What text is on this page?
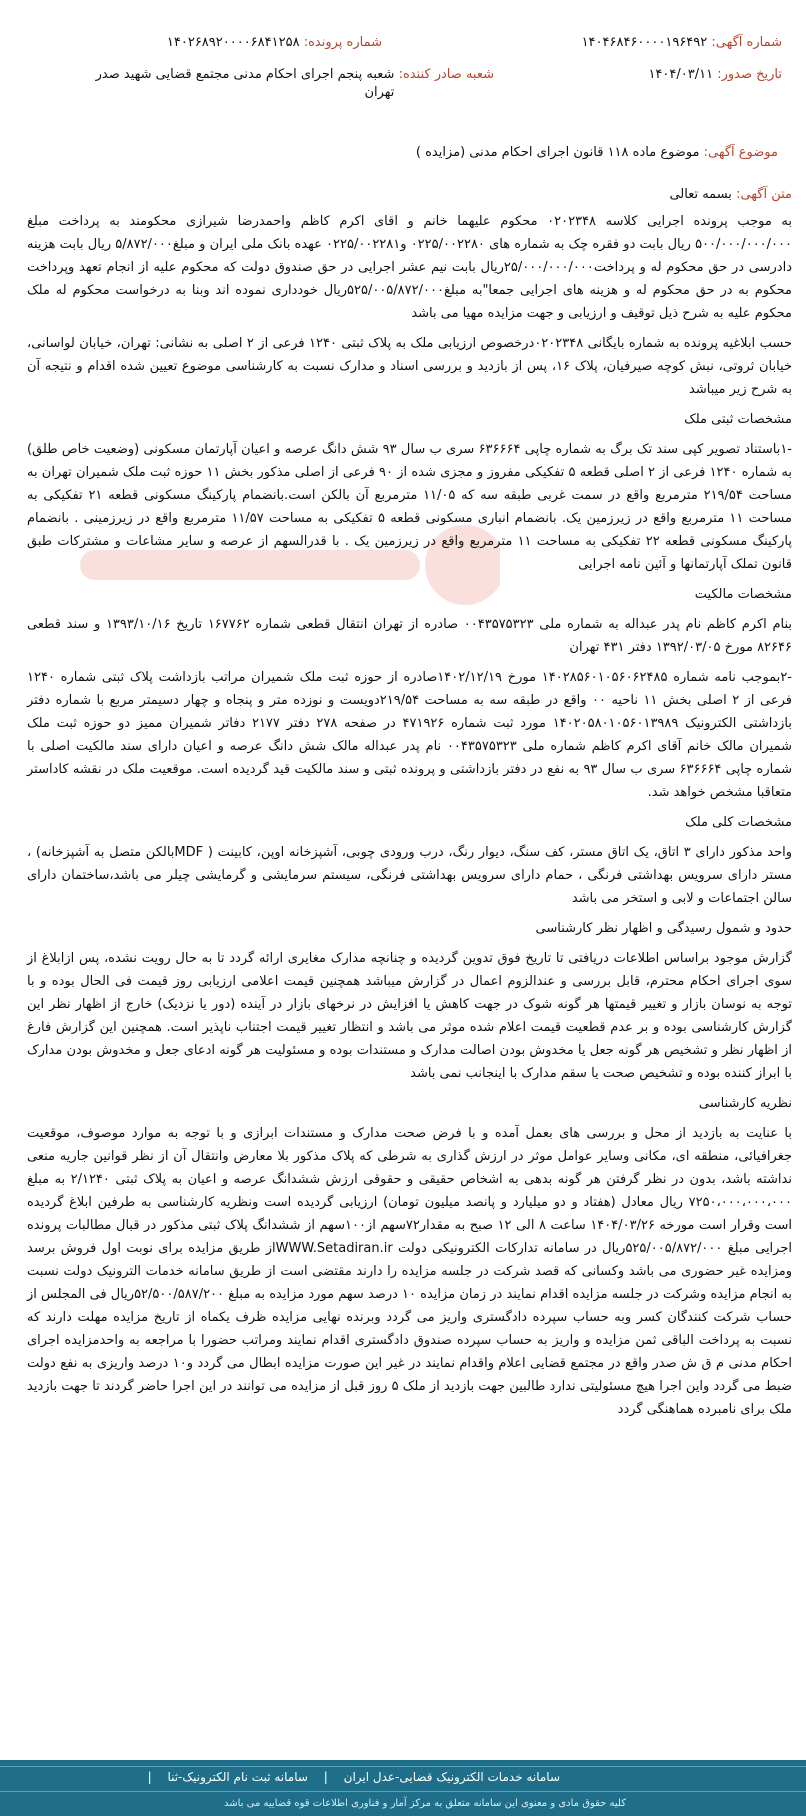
شماره آگهی: ۱۴۰۴۶۸۴۶۰۰۰۰۱۹۶۴۹۲
شماره پرونده: ۱۴۰۲۶۸۹۲۰۰۰۰۶۸۴۱۲۵۸
تاریخ صدور: ۱۴۰۴/۰۳/۱۱
شعبه صادر کننده: شعبه پنجم اجرای احکام مدنی مجتمع قضایی شهید صدر تهران
موضوع آگهی: موضوع ماده ۱۱۸ قانون اجرای احکام مدنی (مزایده )

متن آگهی: بسمه تعالی

به موجب پرونده اجرایی کلاسه ۰۲۰۲۳۴۸ محکوم علیهما خانم و اقای اکرم کاظم واحمدرضا شیرازی محکومند به پرداخت مبلغ ۵۰۰/۰۰۰/۰۰۰/۰۰۰ ریال بابت دو فقره چک به شماره های ۰۲۲۵/۰۰۲۲۸۰ و۰۲۲۵/۰۰۲۲۸۱ عهده بانک ملی ایران و مبلغ۵/۸۷۲/۰۰۰ ریال بابت هزینه دادرسی در حق محکوم له و پرداخت۲۵/۰۰۰/۰۰۰/۰۰۰ریال بابت نیم عشر اجرایی در حق صندوق دولت که محکوم علیه از انجام تعهد وپرداخت محکوم به در حق محکوم له و هزینه های اجرایی جمعا"به مبلغ۵۲۵/۰۰۵/۸۷۲/۰۰۰ریال خودداری نموده اند وبنا به درخواست محکوم له ملک محکوم علیه به شرح ذیل توقیف و ارزیابی و جهت مزایده مهیا می باشد

حسب ابلاغیه پرونده به شماره بایگانی ۰۲۰۲۳۴۸درخصوص ارزیابی ملک به پلاک ثبتی ۱۲۴۰ فرعی از ۲ اصلی به نشانی: تهران، خیابان لواسانی، خیابان ثروتی، نبش کوچه صیرفیان، پلاک ۱۶، پس از بازدید و بررسی اسناد و مدارک نسبت به کارشناسی موضوع تعیین شده اقدام و نتیجه آن به شرح زیر میباشد

مشخصات ثبتی ملک

-۱باستناد تصویر کپی سند تک برگ به شماره چاپی ۶۳۶۶۶۴ سری ب سال ۹۳ شش دانگ عرصه و اعیان آپارتمان مسکونی (وضعیت خاص طلق) به شماره ۱۲۴۰ فرعی از ۲ اصلی قطعه ۵ تفکیکی مفروز و مجزی شده از ۹۰ فرعی از اصلی مذکور بخش ۱۱ حوزه ثبت ملک شمیران تهران به مساحت ۲۱۹/۵۴ مترمربع واقع در سمت غربی طبقه سه که ۱۱/۰۵ مترمربع آن بالکن است.بانضمام پارکینگ مسکونی قطعه ۲۱ تفکیکی به مساحت ۱۱ مترمربع واقع در زیرزمین یک. بانضمام انباری مسکونی قطعه ۵ تفکیکی به مساحت ۱۱/۵۷ مترمربع واقع در زیرزمینی . بانضمام پارکینگ مسکونی قطعه ۲۲ تفکیکی به مساحت ۱۱ مترمربع واقع در زیرزمین یک . با قدرالسهم از عرصه و سایر مشاعات و مشترکات طبق قانون تملک آپارتمانها و آئین نامه اجرایی

مشخصات مالکیت

بنام اکرم کاظم نام پدر عبداله به شماره ملی ۰۰۴۳۵۷۵۳۲۳ صادره از تهران انتقال قطعی شماره ۱۶۷۷۶۲ تاریخ ۱۳۹۳/۱۰/۱۶ و سند قطعی ۸۲۶۴۶ مورخ ۱۳۹۲/۰۳/۰۵ دفتر ۴۳۱ تهران

-۲بموجب نامه شماره ۱۴۰۲۸۵۶۰۱۰۵۶۰۶۲۴۸۵ مورخ ۱۴۰۲/۱۲/۱۹صادره از حوزه ثبت ملک شمیران مراتب بازداشت پلاک ثبتی شماره ۱۲۴۰ فرعی از ۲ اصلی بخش ۱۱ ناحیه ۰۰ واقع در طبقه سه به مساحت ۲۱۹/۵۴دویست و نوزده متر و پنجاه و چهار دسیمتر مربع با شماره دفتر بازداشتی الکترونیک ۱۴۰۲۰۵۸۰۱۰۵۶۰۱۳۹۸۹ مورد ثبت شماره ۴۷۱۹۲۶ در صفحه ۲۷۸ دفتر ۲۱۷۷ دفاتر شمیران ممیز دو حوزه ثبت ملک شمیران مالک خانم آقای اکرم کاظم شماره ملی ۰۰۴۳۵۷۵۳۲۳ نام پدر عبداله مالک شش دانگ عرصه و اعیان دارای سند مالکیت اصلی با شماره چاپی ۶۳۶۶۶۴ سری ب سال ۹۳ به نفع در دفتر بازداشتی و پرونده ثبتی و سند مالکیت قید گردیده است. موقعیت ملک در نقشه کاداستر متعاقبا مشخص خواهد شد.

مشخصات کلی ملک

واحد مذکور دارای ۳ اتاق، یک اتاق مستر، کف سنگ، دیوار رنگ، درب ورودی چوبی، آشپزخانه اوپن، کابینت ( MDFبالکن متصل به آشپزخانه) ، مستر دارای سرویس بهداشتی فرنگی ، حمام دارای سرویس بهداشتی فرنگی، سیستم سرمایشی و گرمایشی چیلر می باشد،ساختمان دارای سالن اجتماعات و لابی و استخر می باشد

حدود و شمول رسیدگی و اظهار نظر کارشناسی

گزارش موجود براساس اطلاعات دریافتی تا تاریخ فوق تدوین گردیده و چنانچه مدارک مغایری ارائه گردد تا به حال رویت نشده، پس ازابلاغ از سوی اجرای احکام محترم، قابل بررسی و عندالزوم اعمال در گزارش میباشد همچنین قیمت اعلامی ارزیابی روز قیمت فی الحال بوده و با توجه به نوسان بازار و تغییر قیمتها هر گونه شوک در جهت کاهش یا افزایش در نرخهای بازار در آینده (دور یا نزدیک) خارج از اظهار نظر این گزارش کارشناسی بوده و بر عدم قطعیت قیمت اعلام شده موثر می باشد و انتظار تغییر قیمت اجتناب ناپذیر است. همچنین این گزارش فارغ از اظهار نظر و تشخیص هر گونه جعل یا مخدوش بودن اصالت مدارک و مستندات بوده و مسئولیت هر گونه ادعای جعل و مخدوش بودن مدارک با ابراز کننده بوده و تشخیص صحت یا سقم مدارک با اینجانب نمی باشد

نظریه کارشناسی

با عنایت به بازدید از محل و بررسی های بعمل آمده و با فرض صحت مدارک و مستندات ابرازی و با توجه به موارد موصوف، موقعیت جغرافیائی، منطقه ای، مکانی وسایر عوامل موثر در ارزش گذاری به شرطی که پلاک مذکور بلا معارض وانتقال آن از نظر قوانین جاریه منعی نداشته باشد، بدون در نظر گرفتن هر گونه بدهی به اشخاص حقیقی و حقوقی ارزش ششدانگ عرصه و اعیان به پلاک ثبتی ۲/۱۲۴۰ به مبلغ ۷۲۵۰،۰۰۰،۰۰۰،۰۰۰ ریال معادل (هفتاد و دو میلیارد و پانصد میلیون تومان) ارزیابی گردیده است ونظریه کارشناسی به طرفین ابلاغ گردیده است وقرار است مورخه ۱۴۰۴/۰۳/۲۶ ساعت ۸ الی ۱۲ صبح به مقدار۷۲سهم از۱۰۰سهم از ششدانگ پلاک ثبتی مذکور در قبال مطالبات پرونده اجرایی مبلغ ۵۲۵/۰۰۵/۸۷۲/۰۰۰ریال در سامانه تدارکات الکترونیکی دولت WWW.Setadiran.irاز طریق مزایده برای نوبت اول فروش برسد ومزایده غیر حضوری می باشد وکسانی که قصد شرکت در جلسه مزایده را دارند مقتضی است از طریق سامانه خدمات الترونیک دولت نسبت به انجام مزایده وشرکت در جلسه مزایده اقدام نمایند در زمان مزایده ۱۰ درصد سهم مورد مزایده به مبلغ ۵۲/۵۰۰/۵۸۷/۲۰۰ریال فی المجلس از حساب شرکت کنندگان کسر وبه حساب سپرده دادگستری واریز می گردد وبرنده نهایی مزایده ظرف یکماه از تاریخ مزایده مهلت دارند که نسبت به پرداخت الباقی ثمن مزایده و واریز به حساب سپرده صندوق دادگستری اقدام نمایند ومراتب حضورا با مراجعه به واحدمزایده اجرای احکام مدنی م ق ش صدر واقع در مجتمع قضایی اعلام واقدام نمایند در غیر این صورت مزایده ابطال می گردد و۱۰ درصد واریزی به نفع دولت ضبط می گردد واین اجرا هیچ مسئولیتی ندارد طالبین جهت بازدید از ملک ۵ روز قبل از مزایده می توانند در این اجرا حاضر گردند تا جهت بازدید ملک برای نامبرده هماهنگی گردد

سامانه خدمات الکترونیک قضایی-عدل ایران | سامانه ثبت نام الکترونیک-ثنا |
کلیه حقوق مادی و معنوی این سامانه متعلق به مرکز آمار و فناوری اطلاعات قوه قضاییه می باشد
